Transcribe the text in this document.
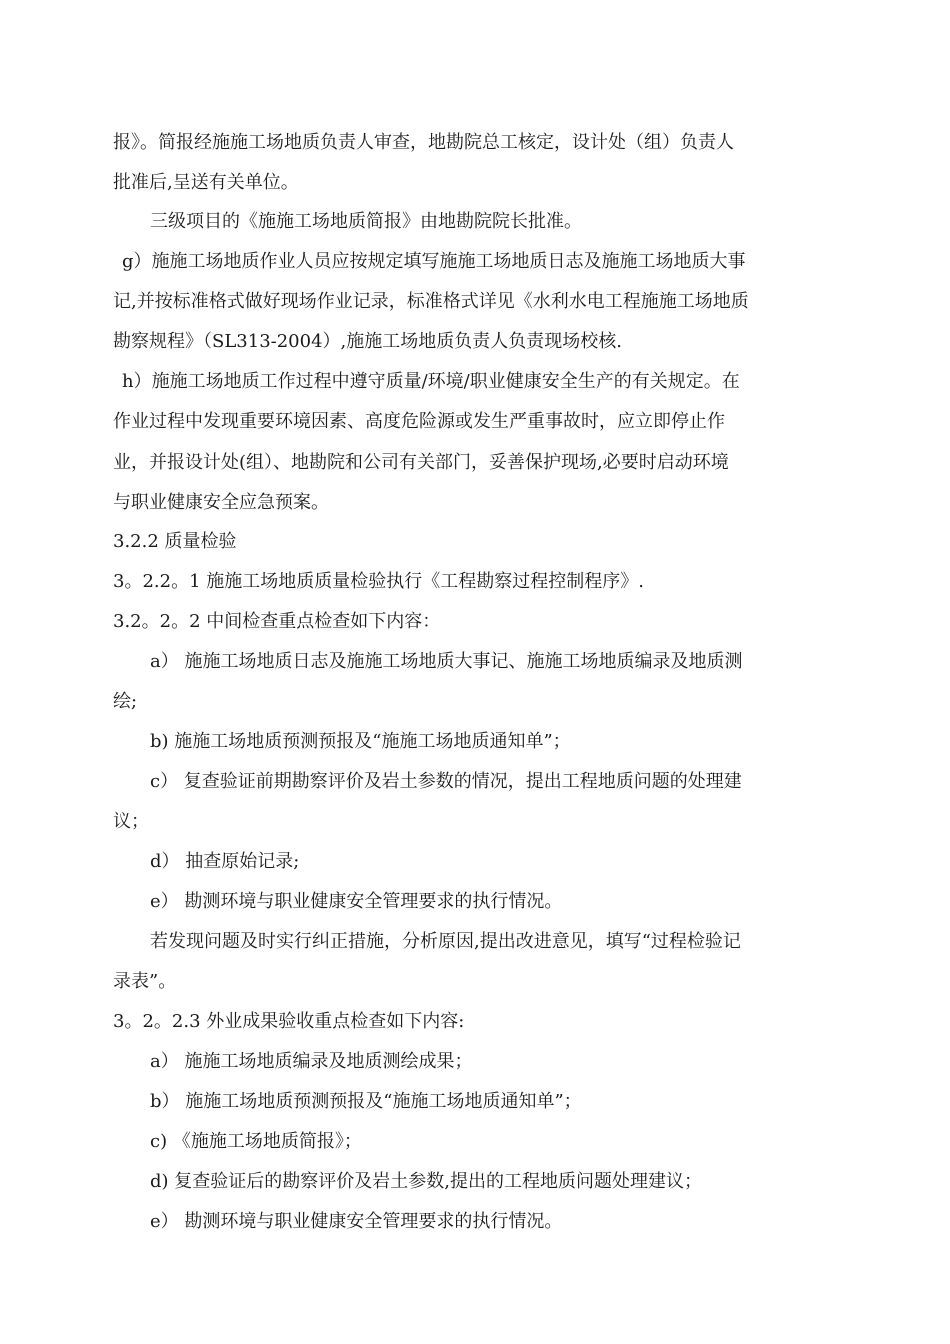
报》。简报经施施工场地质负责人审查，地勘院总工核定，设计处（组）负责人
批准后,呈送有关单位。
三级项目的《施施工场地质简报》由地勘院院长批准。
g）施施工场地质作业人员应按规定填写施施工场地质日志及施施工场地质大事
记,并按标准格式做好现场作业记录，标准格式详见《水利水电工程施施工场地质
勘察规程》（SL313-2004）,施施工场地质负责人负责现场校核.
h）施施工场地质工作过程中遵守质量/环境/职业健康安全生产的有关规定。在
作业过程中发现重要环境因素、高度危险源或发生严重事故时，应立即停止作
业，并报设计处(组）、地勘院和公司有关部门，妥善保护现场,必要时启动环境
与职业健康安全应急预案。
3.2.2 质量检验
3。2.2。1 施施工场地质质量检验执行《工程勘察过程控制程序》.
3.2。2。2 中间检查重点检查如下内容：
a） 施施工场地质日志及施施工场地质大事记、施施工场地质编录及地质测
绘;
b) 施施工场地质预测预报及“施施工场地质通知单”；
c） 复查验证前期勘察评价及岩土参数的情况，提出工程地质问题的处理建
议；
d） 抽查原始记录;
e） 勘测环境与职业健康安全管理要求的执行情况。
若发现问题及时实行纠正措施，分析原因,提出改进意见，填写“过程检验记
录表”。
3。2。2.3 外业成果验收重点检查如下内容:
a） 施施工场地质编录及地质测绘成果；
b） 施施工场地质预测预报及“施施工场地质通知单”；
c) 《施施工场地质简报》；
d) 复查验证后的勘察评价及岩土参数,提出的工程地质问题处理建议；
e） 勘测环境与职业健康安全管理要求的执行情况。
